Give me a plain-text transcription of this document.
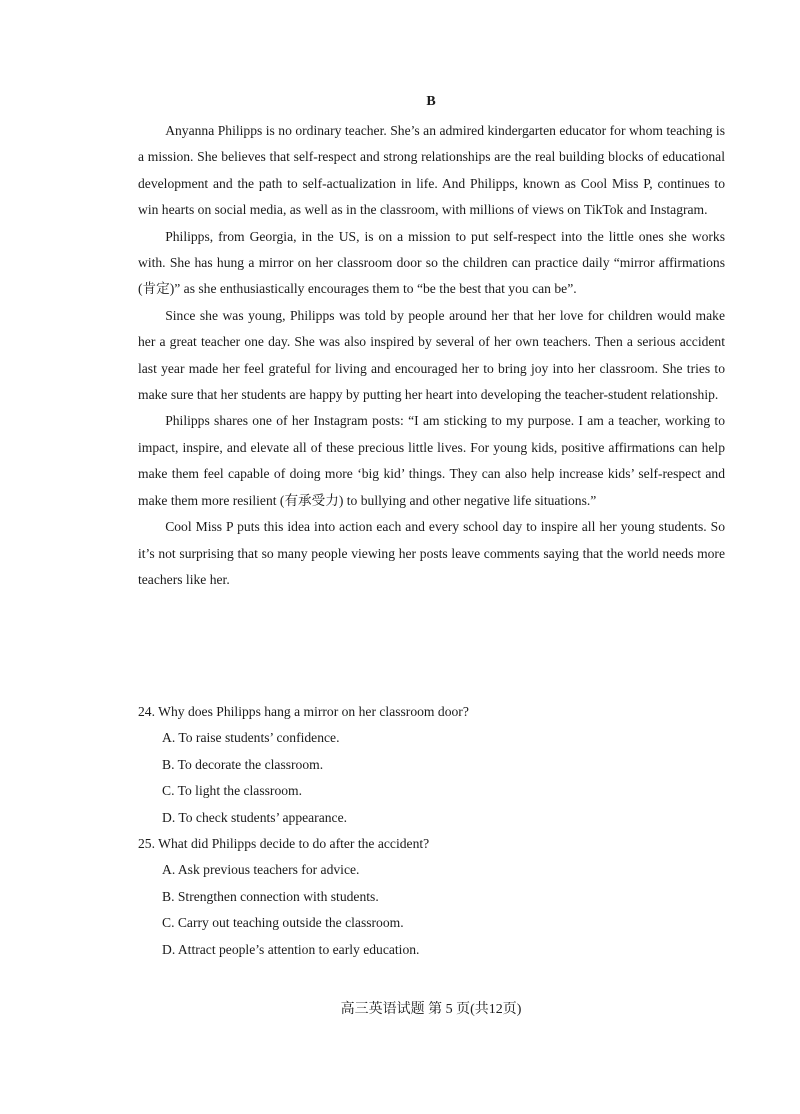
B

Anyanna Philipps is no ordinary teacher. She’s an admired kindergarten educator for whom teaching is a mission. She believes that self-respect and strong relationships are the real building blocks of educational development and the path to self-actualization in life. And Philipps, known as Cool Miss P, continues to win hearts on social media, as well as in the classroom, with millions of views on TikTok and Instagram.

Philipps, from Georgia, in the US, is on a mission to put self-respect into the little ones she works with. She has hung a mirror on her classroom door so the children can practice daily “mirror affirmations (肯定)” as she enthusiastically encourages them to “be the best that you can be”.

Since she was young, Philipps was told by people around her that her love for children would make her a great teacher one day. She was also inspired by several of her own teachers. Then a serious accident last year made her feel grateful for living and encouraged her to bring joy into her classroom. She tries to make sure that her students are happy by putting her heart into developing the teacher-student relationship.

Philipps shares one of her Instagram posts: “I am sticking to my purpose. I am a teacher, working to impact, inspire, and elevate all of these precious little lives. For young kids, positive affirmations can help make them feel capable of doing more ‘big kid’ things. They can also help increase kids’ self-respect and make them more resilient (有承受力) to bullying and other negative life situations.”

Cool Miss P puts this idea into action each and every school day to inspire all her young students. So it’s not surprising that so many people viewing her posts leave comments saying that the world needs more teachers like her.

24. Why does Philipps hang a mirror on her classroom door?

A. To raise students’ confidence.

B. To decorate the classroom.

C. To light the classroom.

D. To check students’ appearance.

25. What did Philipps decide to do after the accident?

A. Ask previous teachers for advice.

B. Strengthen connection with students.

C. Carry out teaching outside the classroom.

D. Attract people’s attention to early education.

高三英语试题 第 5 页(共12页)
